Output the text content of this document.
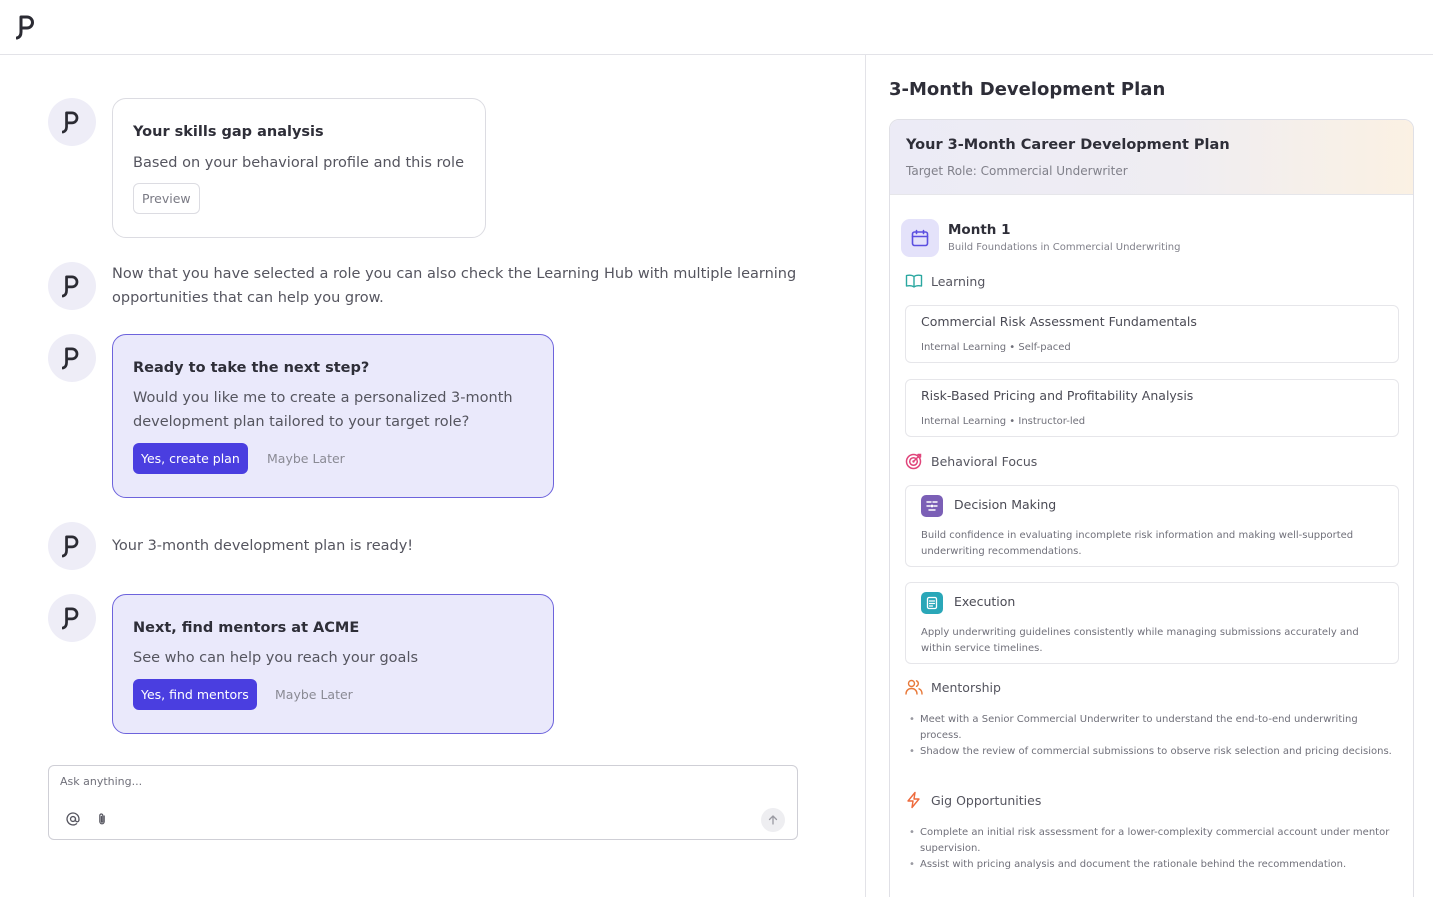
Your skills gap analysis
Based on your behavioral profile and this role
Preview
Now that you have selected a role you can also check the Learning Hub with multiple learning opportunities that can help you grow.
Ready to take the next step?
Would you like me to create a personalized 3-month development plan tailored to your target role?
Yes, create plan	Maybe Later
Your 3-month development plan is ready!
Next, find mentors at ACME
See who can help you reach your goals
Yes, find mentors	Maybe Later
Ask anything...
3-Month Development Plan
Your 3-Month Career Development Plan
Target Role: Commercial Underwriter
Month 1
Build Foundations in Commercial Underwriting
Learning
Commercial Risk Assessment Fundamentals
Internal Learning • Self-paced
Risk-Based Pricing and Profitability Analysis
Internal Learning • Instructor-led
Behavioral Focus
Decision Making
Build confidence in evaluating incomplete risk information and making well-supported underwriting recommendations.
Execution
Apply underwriting guidelines consistently while managing submissions accurately and within service timelines.
Mentorship
• Meet with a Senior Commercial Underwriter to understand the end-to-end underwriting process.
• Shadow the review of commercial submissions to observe risk selection and pricing decisions.
Gig Opportunities
• Complete an initial risk assessment for a lower-complexity commercial account under mentor supervision.
• Assist with pricing analysis and document the rationale behind the recommendation.
